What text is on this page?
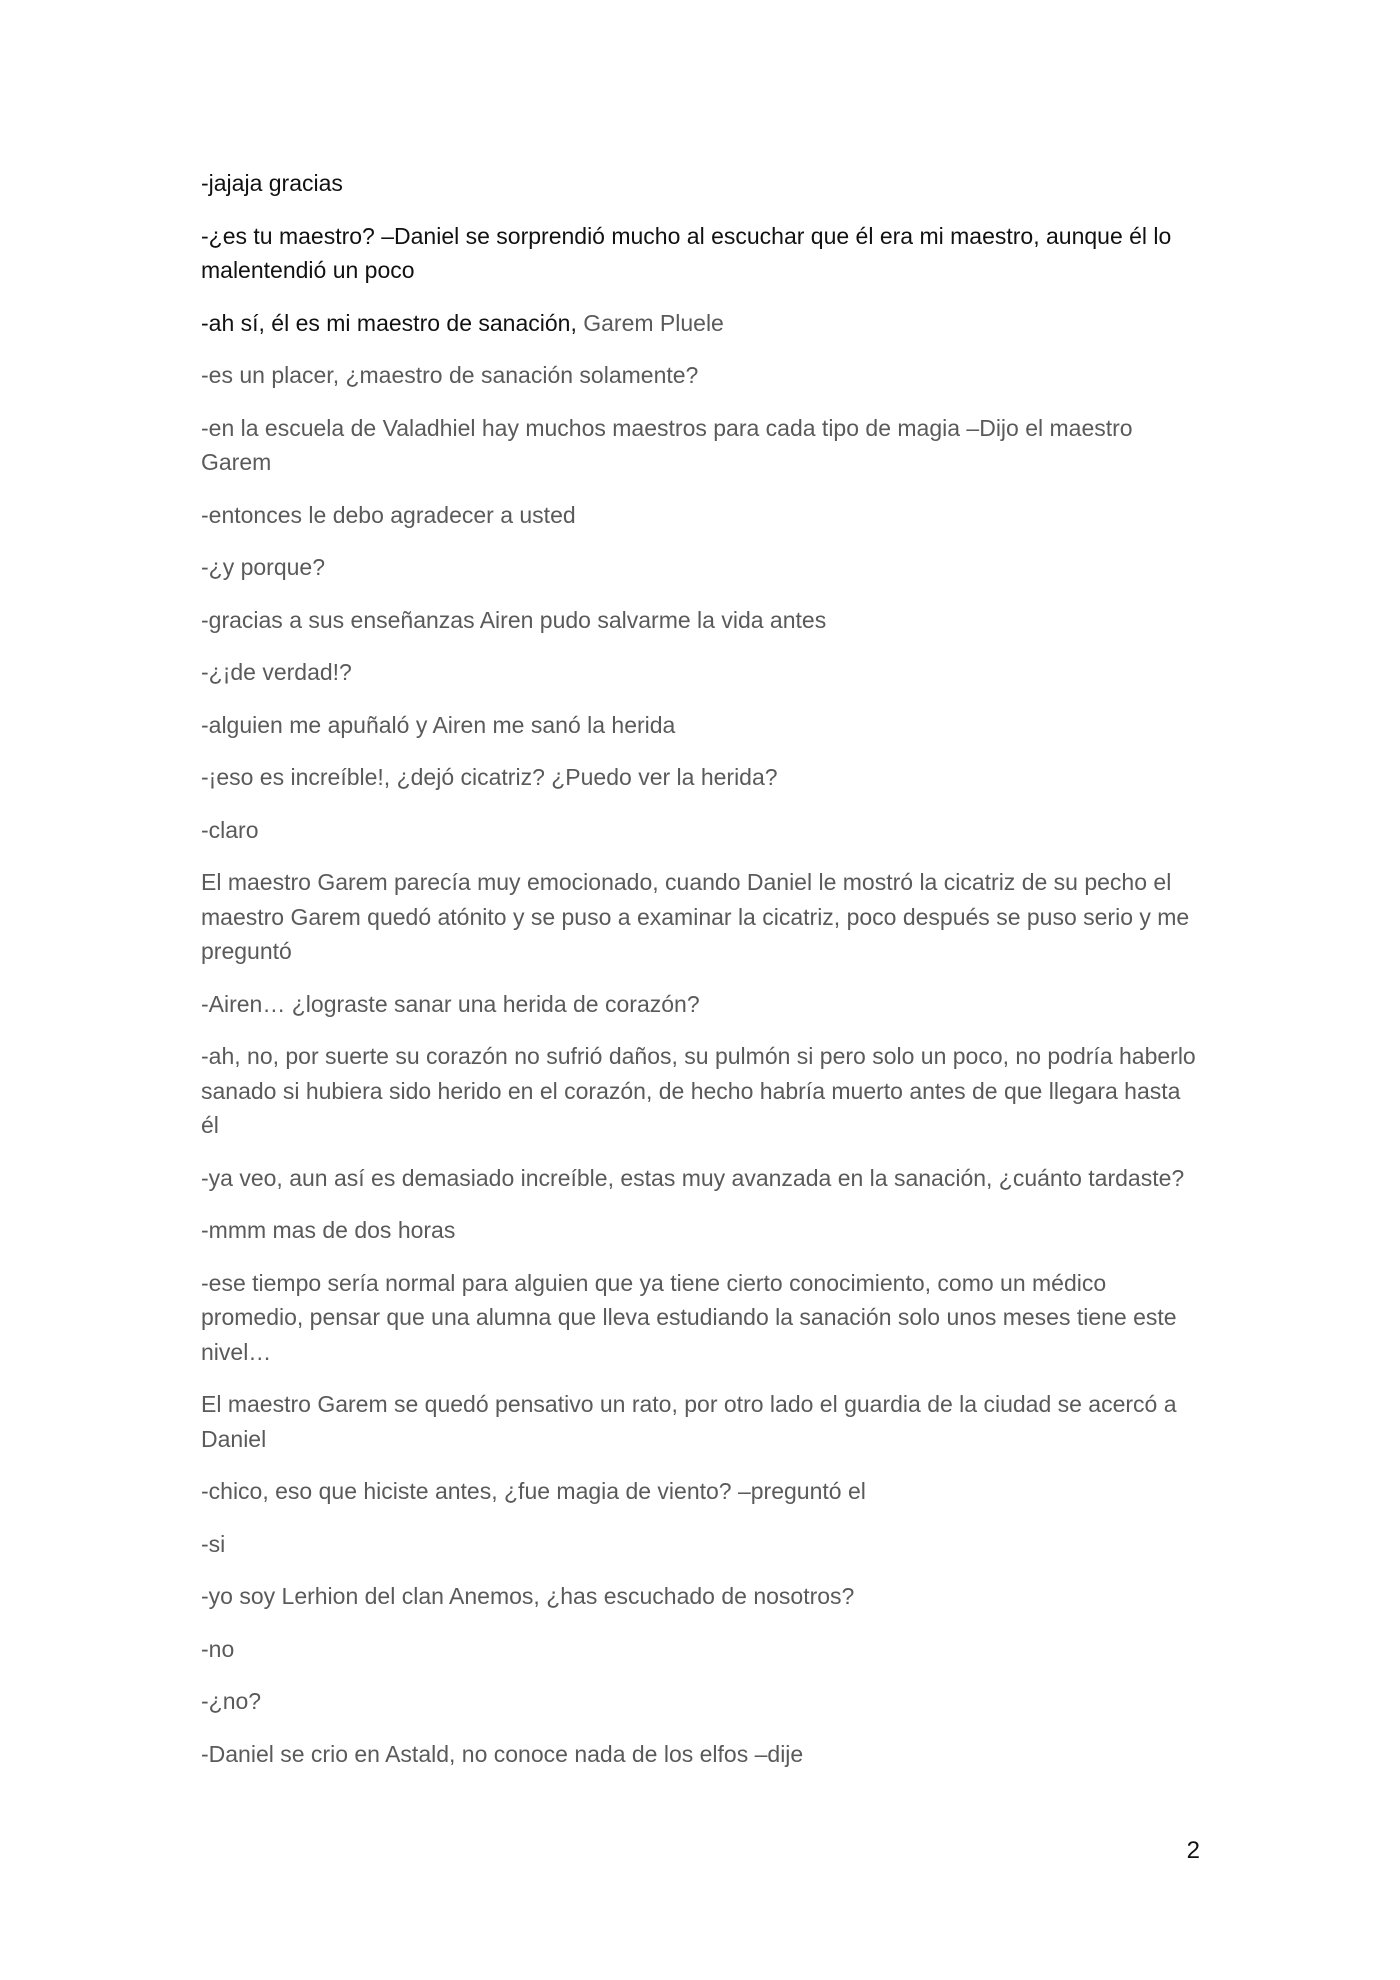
-jajaja gracias

-¿es tu maestro? –Daniel se sorprendió mucho al escuchar que él era mi maestro, aunque él lo malentendió un poco

-ah sí, él es mi maestro de sanación, Garem Pluele

-es un placer, ¿maestro de sanación solamente?

-en la escuela de Valadhiel hay muchos maestros para cada tipo de magia –Dijo el maestro Garem

-entonces le debo agradecer a usted

-¿y porque?

-gracias a sus enseñanzas Airen pudo salvarme la vida antes

-¿¡de verdad!?

-alguien me apuñaló y Airen me sanó la herida

-¡eso es increíble!, ¿dejó cicatriz? ¿Puedo ver la herida?

-claro

El maestro Garem parecía muy emocionado, cuando Daniel le mostró la cicatriz de su pecho el maestro Garem quedó atónito y se puso a examinar la cicatriz, poco después se puso serio y me preguntó

-Airen… ¿lograste sanar una herida de corazón?

-ah, no, por suerte su corazón no sufrió daños, su pulmón si pero solo un poco, no podría haberlo sanado si hubiera sido herido en el corazón, de hecho habría muerto antes de que llegara hasta él

-ya veo, aun así es demasiado increíble, estas muy avanzada en la sanación, ¿cuánto tardaste?

-mmm mas de dos horas

-ese tiempo sería normal para alguien que ya tiene cierto conocimiento, como un médico promedio, pensar que una alumna que lleva estudiando la sanación solo unos meses tiene este nivel…

El maestro Garem se quedó pensativo un rato, por otro lado el guardia de la ciudad se acercó a Daniel

-chico, eso que hiciste antes, ¿fue magia de viento? –preguntó el

-si

-yo soy Lerhion del clan Anemos, ¿has escuchado de nosotros?

-no

-¿no?

-Daniel se crio en Astald, no conoce nada de los elfos –dije

2
